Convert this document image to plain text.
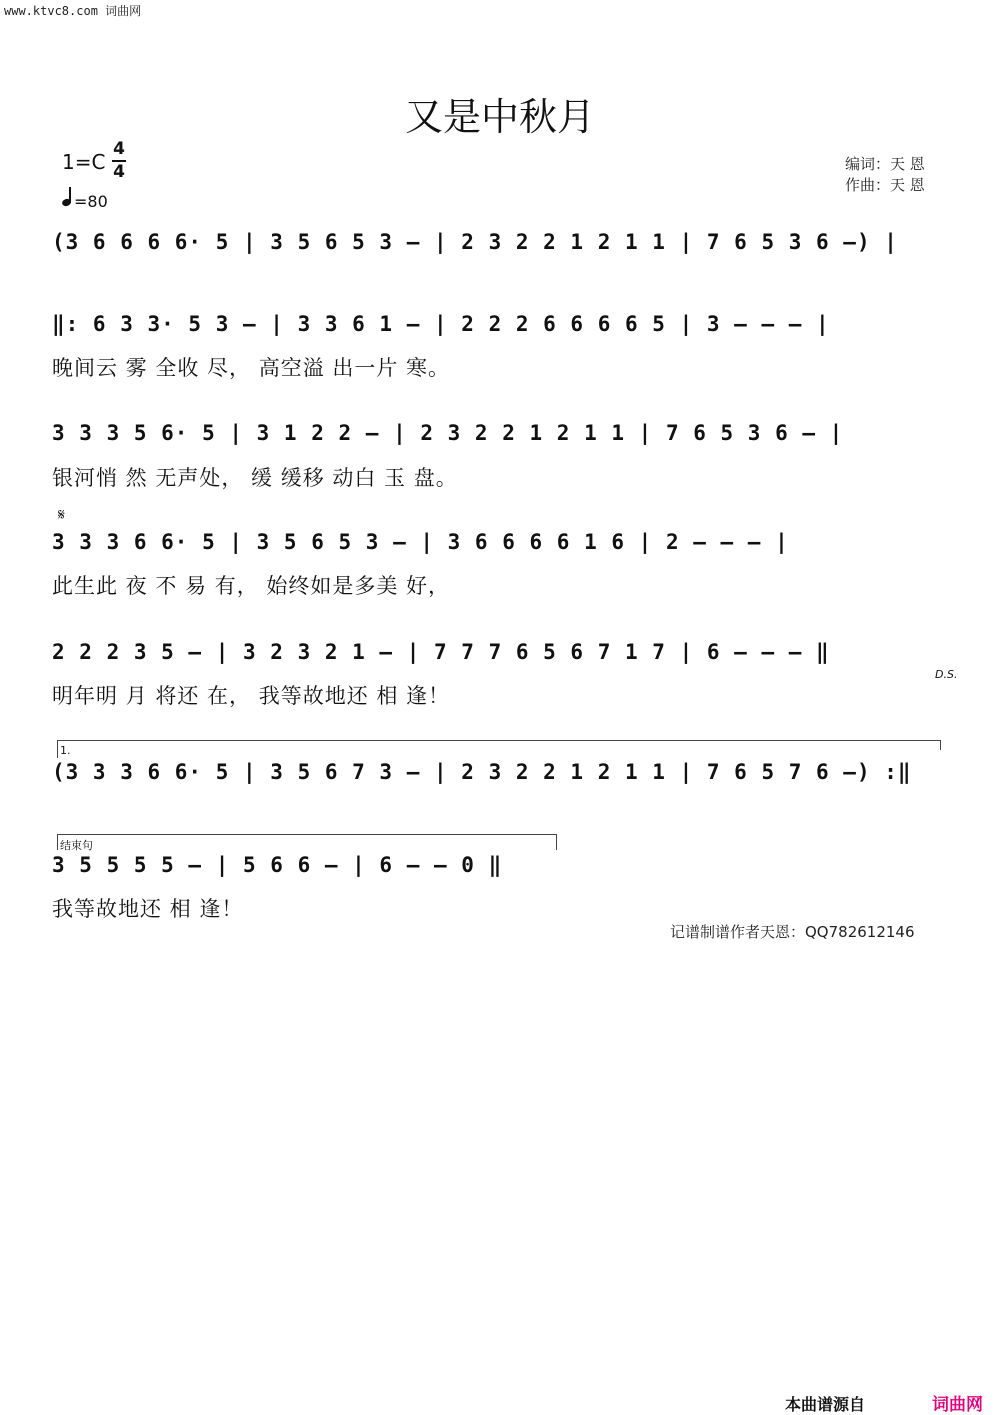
www.ktvc8.com 词曲网
又是中秋月
1=C
4
4
=80
编词：天 恩
作曲：天 恩
(3 6 6 6 6· 5 | 3 5 6 5 3 – | 2 3 2 2 1 2 1 1 | 7 6 5 3 6 –) |
‖: 6 3 3· 5 3 – | 3 3 6 1 – | 2 2 2 6 6 6 6 5 | 3 – – – |
晚间云 雾 全收 尽， 高空溢 出一片 寒。
3 3 3 5 6· 5 | 3 1 2 2 – | 2 3 2 2 1 2 1 1 | 7 6 5 3 6 – |
银河悄 然 无声处， 缓 缓移 动白 玉 盘。
𝄋
3 3 3 6 6· 5 | 3 5 6 5 3 – | 3 6 6 6 6 1 6 | 2 – – – |
此生此 夜 不 易 有， 始终如是多美 好，
2 2 2 3 5 – | 3 2 3 2 1 – | 7 7 7 6 5 6 7 1 7 | 6 – – – ‖
明年明 月 将还 在， 我等故地还 相 逢！
D.S.
1.
(3 3 3 6 6· 5 | 3 5 6 7 3 – | 2 3 2 2 1 2 1 1 | 7 6 5 7 6 –) :‖
结束句
3 5 5 5 5 – | 5 6 6 – | 6 – – 0 ‖
我等故地还 相 逢！
记谱制谱作者天恩：QQ782612146
本曲谱源自	词曲网
